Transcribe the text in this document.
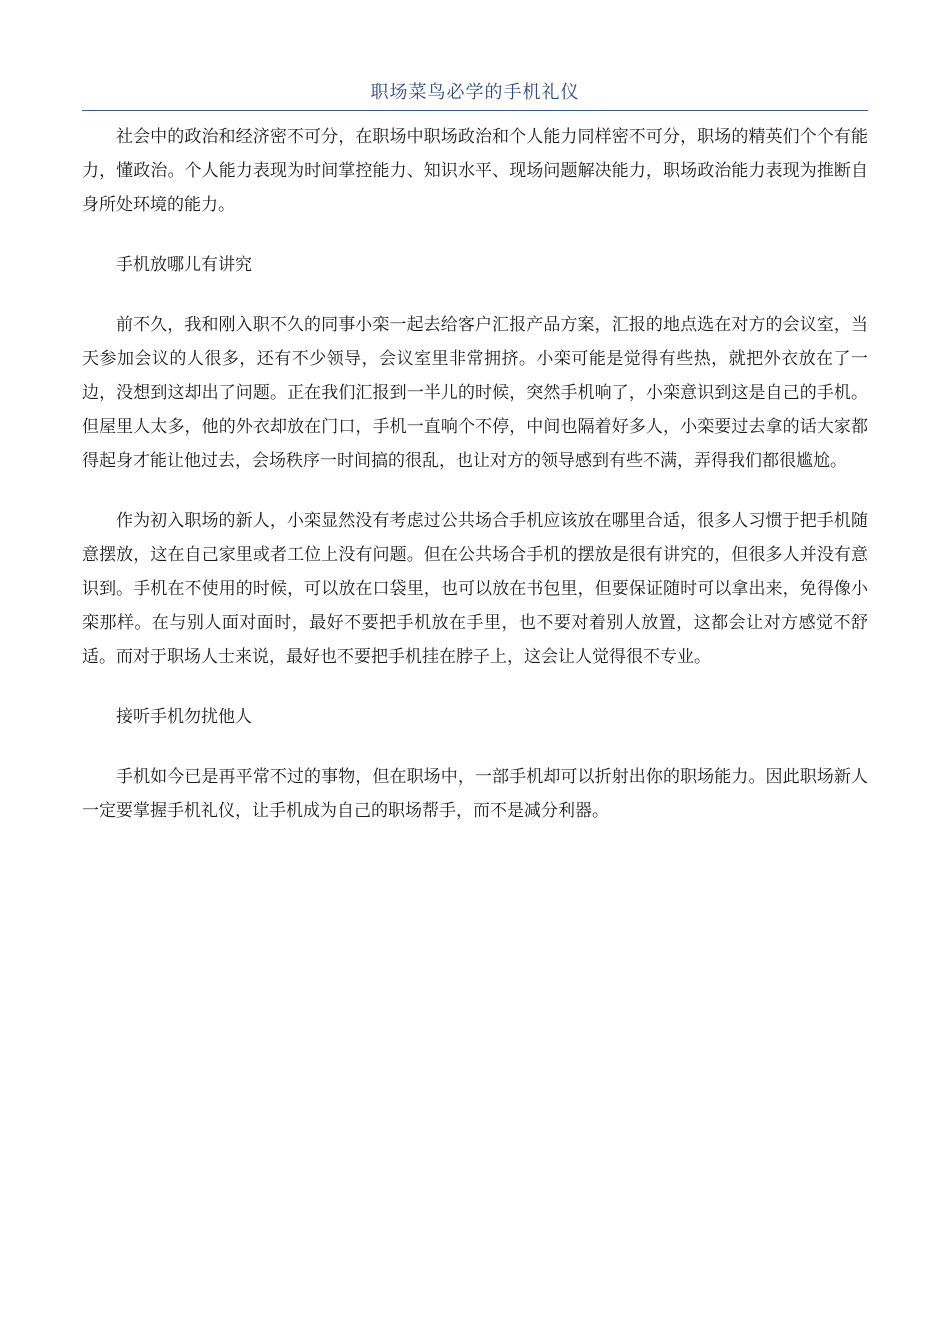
职场菜鸟必学的手机礼仪

社会中的政治和经济密不可分，在职场中职场政治和个人能力同样密不可分，职场的精英们个个有能力，懂政治。个人能力表现为时间掌控能力、知识水平、现场问题解决能力，职场政治能力表现为推断自身所处环境的能力。

手机放哪儿有讲究

前不久，我和刚入职不久的同事小栾一起去给客户汇报产品方案，汇报的地点选在对方的会议室，当天参加会议的人很多，还有不少领导，会议室里非常拥挤。小栾可能是觉得有些热，就把外衣放在了一边，没想到这却出了问题。正在我们汇报到一半儿的时候，突然手机响了，小栾意识到这是自己的手机。但屋里人太多，他的外衣却放在门口，手机一直响个不停，中间也隔着好多人，小栾要过去拿的话大家都得起身才能让他过去，会场秩序一时间搞的很乱，也让对方的领导感到有些不满，弄得我们都很尴尬。

作为初入职场的新人，小栾显然没有考虑过公共场合手机应该放在哪里合适，很多人习惯于把手机随意摆放，这在自己家里或者工位上没有问题。但在公共场合手机的摆放是很有讲究的，但很多人并没有意识到。手机在不使用的时候，可以放在口袋里，也可以放在书包里，但要保证随时可以拿出来，免得像小栾那样。在与别人面对面时，最好不要把手机放在手里，也不要对着别人放置，这都会让对方感觉不舒适。而对于职场人士来说，最好也不要把手机挂在脖子上，这会让人觉得很不专业。

接听手机勿扰他人

手机如今已是再平常不过的事物，但在职场中，一部手机却可以折射出你的职场能力。因此职场新人一定要掌握手机礼仪，让手机成为自己的职场帮手，而不是减分利器。
